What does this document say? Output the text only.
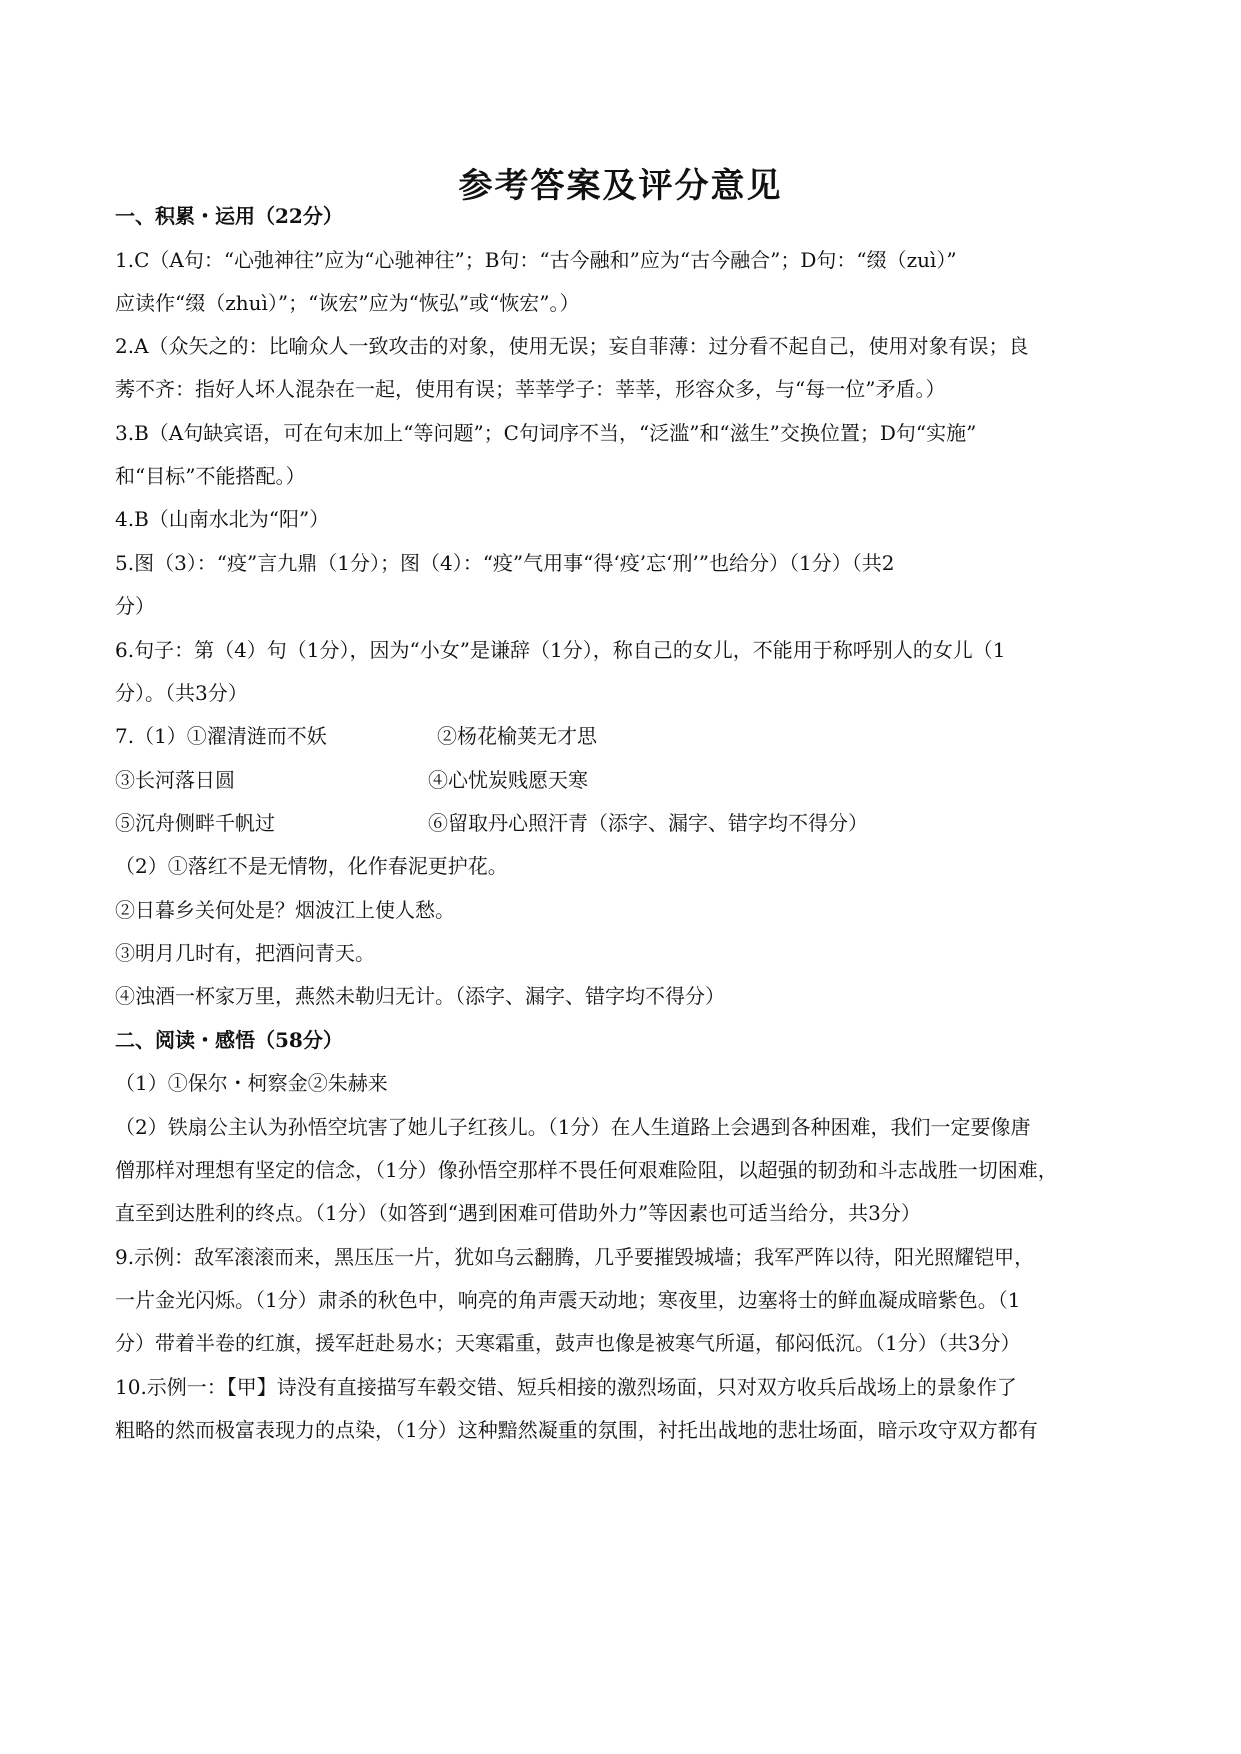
参考答案及评分意见
一、积累・运用（22分）
1.C（A句：“心弛神往”应为“心驰神往”；B句：“古今融和”应为“古今融合”；D句：“缀（zuì）”
应读作“缀（zhuì）”；“诙宏”应为“恢弘”或“恢宏”。）
2.A（众矢之的：比喻众人一致攻击的对象，使用无误；妄自菲薄：过分看不起自己，使用对象有误；良
莠不齐：指好人坏人混杂在一起，使用有误；莘莘学子：莘莘，形容众多，与“每一位”矛盾。）
3.B（A句缺宾语，可在句末加上“等问题”；C句词序不当，“泛滥”和“滋生”交换位置；D句“实施”
和“目标”不能搭配。）
4.B（山南水北为“阳”）
5.图（3）：“疫”言九鼎（1分）；图（4）：“疫”气用事“得‘疫’忘‘刑’”也给分）（1分）（共2
分）
6.句子：第（4）句（1分），因为“小女”是谦辞（1分），称自己的女儿，不能用于称呼别人的女儿（1
分）。（共3分）
7.（1）①濯清涟而不妖	②杨花榆荚无才思
③长河落日圆	④心忧炭贱愿天寒
⑤沉舟侧畔千帆过	⑥留取丹心照汗青（添字、漏字、错字均不得分）
（2）①落红不是无情物，化作春泥更护花。
②日暮乡关何处是？烟波江上使人愁。
③明月几时有，把酒问青天。
④浊酒一杯家万里，燕然未勒归无计。（添字、漏字、错字均不得分）
二、阅读・感悟（58分）
（1）①保尔・柯察金②朱赫来
（2）铁扇公主认为孙悟空坑害了她儿子红孩儿。（1分）在人生道路上会遇到各种困难，我们一定要像唐
僧那样对理想有坚定的信念，（1分）像孙悟空那样不畏任何艰难险阻，以超强的韧劲和斗志战胜一切困难，
直至到达胜利的终点。（1分）（如答到“遇到困难可借助外力”等因素也可适当给分，共3分）
9.示例：敌军滚滚而来，黑压压一片，犹如乌云翻腾，几乎要摧毁城墙；我军严阵以待，阳光照耀铠甲，
一片金光闪烁。（1分）肃杀的秋色中，响亮的角声震天动地；寒夜里，边塞将士的鲜血凝成暗紫色。（1
分）带着半卷的红旗，援军赶赴易水；天寒霜重，鼓声也像是被寒气所逼，郁闷低沉。（1分）（共3分）
10.示例一：【甲】诗没有直接描写车毂交错、短兵相接的激烈场面，只对双方收兵后战场上的景象作了
粗略的然而极富表现力的点染，（1分）这种黯然凝重的氛围，衬托出战地的悲壮场面，暗示攻守双方都有
